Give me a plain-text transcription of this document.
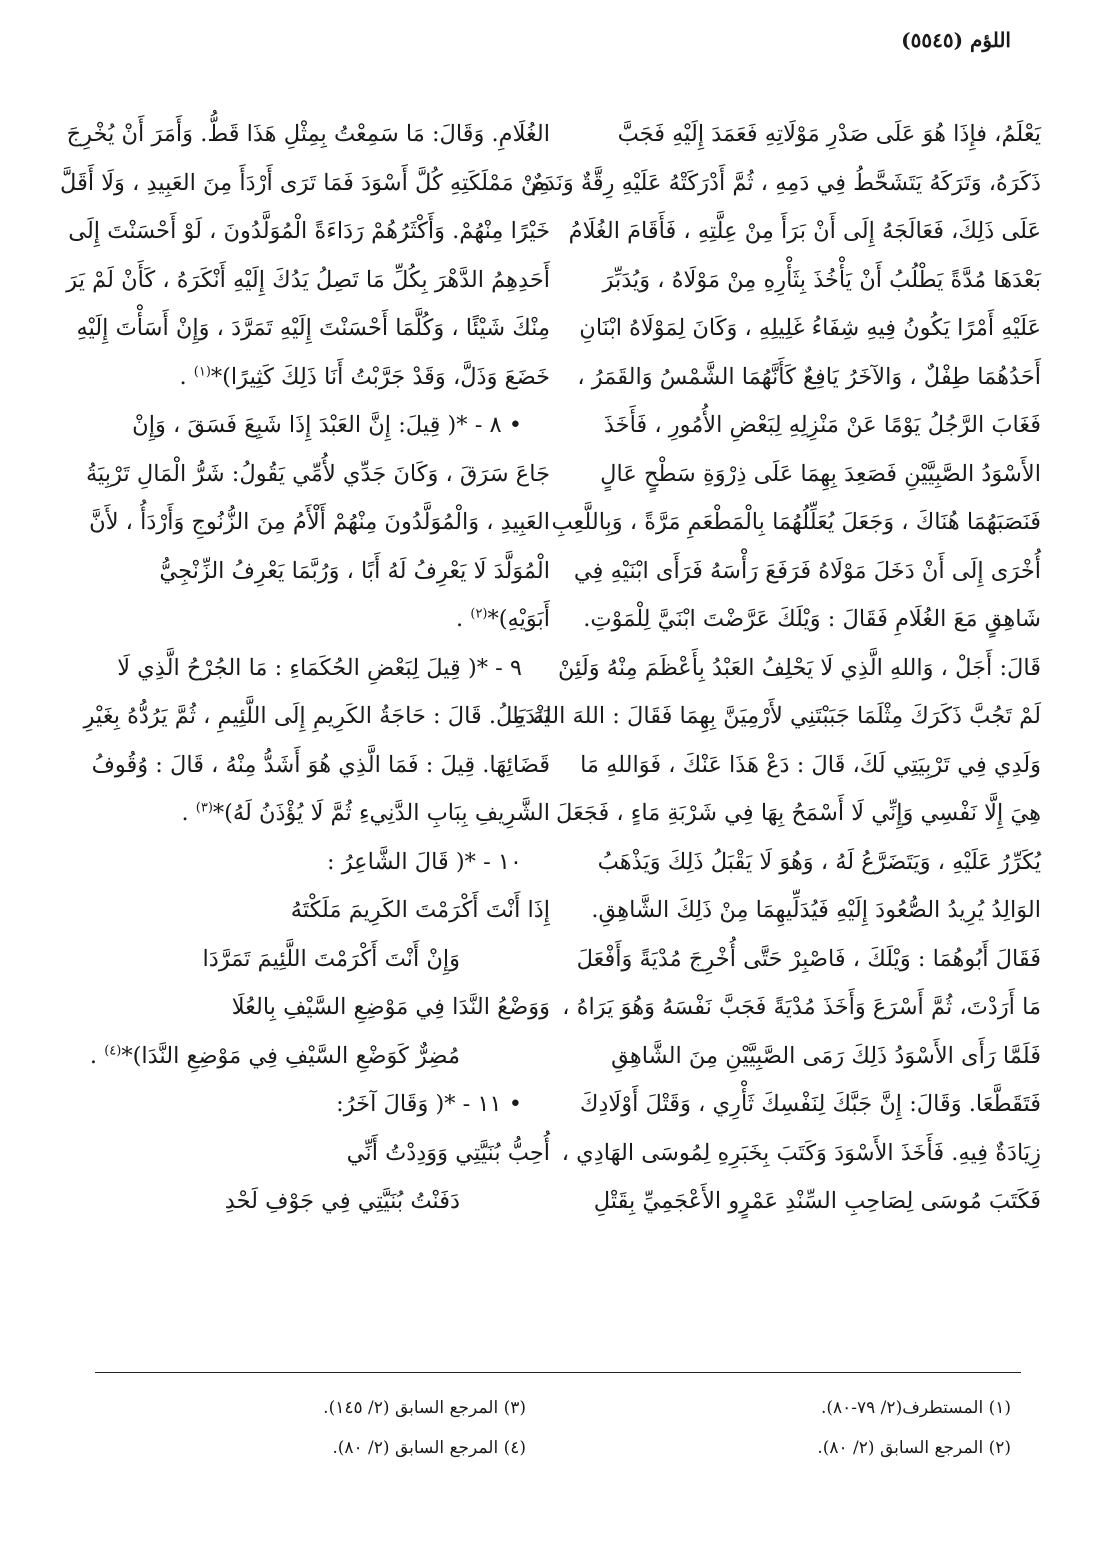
اللؤم (٥٥٤٥)
يَعْلَمُ، فإِذَا هُوَ عَلَى صَدْرِ مَوْلَاتِهِ فَعَمَدَ إِلَيْهِ فَجَبَّ
ذَكَرَهُ، وَتَرَكَهُ يَتَشَحَّطُ فِي دَمِهِ ، ثُمَّ أَدْرَكَتْهُ عَلَيْهِ رِقَّةٌ وَنَدَمٌ
عَلَى ذَلِكَ، فَعَالَجَهُ إِلَى أَنْ بَرَأَ مِنْ عِلَّتِهِ ، فَأَقَامَ الغُلَامُ
بَعْدَهَا مُدَّةً يَطْلُبُ أَنْ يَأْخُذَ بِثَأْرِهِ مِنْ مَوْلَاهُ ، وَيُدَبِّرَ
عَلَيْهِ أَمْرًا يَكُونُ فِيهِ شِفَاءُ غَلِيلِهِ ، وَكَانَ لِمَوْلَاهُ ابْنَانِ
أَحَدُهُمَا طِفْلٌ ، وَالآخَرُ يَافِعٌ كَأَنَّهُمَا الشَّمْسُ وَالقَمَرُ ،
فَغَابَ الرَّجُلُ يَوْمًا عَنْ مَنْزِلِهِ لِبَعْضِ الأُمُورِ ، فَأَخَذَ
الأَسْوَدُ الصَّبِيَّيْنِ فَصَعِدَ بِهِمَا عَلَى ذِرْوَةِ سَطْحٍ عَالٍ
فَنَصَبَهُمَا هُنَاكَ ، وَجَعَلَ يُعَلِّلُهُمَا بِالْمَطْعَمِ مَرَّةً ، وَبِاللَّعِبِ
أُخْرَى إِلَى أَنْ دَخَلَ مَوْلَاهُ فَرَفَعَ رَأْسَهُ فَرَأَى ابْنَيْهِ فِي
شَاهِقٍ مَعَ الغُلَامِ فَقَالَ : وَيْلَكَ عَرَّضْتَ ابْنَيَّ لِلْمَوْتِ.
قَالَ: أَجَلْ ، وَاللهِ الَّذِي لَا يَحْلِفُ العَبْدُ بِأَعْظَمَ مِنْهُ وَلَئِنْ
لَمْ تَجُبَّ ذَكَرَكَ مِثْلَمَا جَبَبْتَنِي لأَرْمِيَنَّ بِهِمَا فَقَالَ : اللهَ اللهَ يَا
وَلَدِي فِي تَرْبِيَتِي لَكَ، قَالَ : دَعْ هَذَا عَنْكَ ، فَوَاللهِ مَا
هِيَ إِلَّا نَفْسِي وَإِنِّي لَا أَسْمَحُ بِهَا فِي شَرْبَةِ مَاءٍ ، فَجَعَلَ
يُكَرِّرُ عَلَيْهِ ، وَيَتَضَرَّعُ لَهُ ، وَهُوَ لَا يَقْبَلُ ذَلِكَ وَيَذْهَبُ
الوَالِدُ يُرِيدُ الصُّعُودَ إِلَيْهِ فَيُدَلِّيهِمَا مِنْ ذَلِكَ الشَّاهِقِ.
فَقَالَ أَبُوهُمَا : وَيْلَكَ ، فَاصْبِرْ حَتَّى أُخْرِجَ مُدْيَةً وَأَفْعَلَ
مَا أَرَدْتَ، ثُمَّ أَسْرَعَ وَأَخَذَ مُدْيَةً فَجَبَّ نَفْسَهُ وَهُوَ يَرَاهُ ،
فَلَمَّا رَأَى الأَسْوَدُ ذَلِكَ رَمَى الصَّبِيَّيْنِ مِنَ الشَّاهِقِ
فَتَقَطَّعَا. وَقَالَ: إِنَّ جَبَّكَ لِنَفْسِكَ ثَأْرِي ، وَقَتْلَ أَوْلَادِكَ
زِيَادَةٌ فِيهِ. فَأَخَذَ الأَسْوَدَ وَكَتَبَ بِخَبَرِهِ لِمُوسَى الهَادِي ،
فَكَتَبَ مُوسَى لِصَاحِبِ السِّنْدِ عَمْرٍو الأَعْجَمِيِّ بِقَتْلِ
الغُلَامِ. وَقَالَ: مَا سَمِعْتُ بِمِثْلِ هَذَا قَطُّ. وَأَمَرَ أَنْ يُخْرِجَ
مِنْ مَمْلَكَتِهِ كُلَّ أَسْوَدَ فَمَا تَرَى أَرْدَأَ مِنَ العَبِيدِ ، وَلَا أَقَلَّ
خَيْرًا مِنْهُمْ. وَأَكْثَرُهُمْ رَدَاءَةً الْمُوَلَّدُونَ ، لَوْ أَحْسَنْتَ إِلَى
أَحَدِهِمُ الدَّهْرَ بِكُلِّ مَا تَصِلُ يَدُكَ إِلَيْهِ أَنْكَرَهُ ، كَأَنْ لَمْ يَرَ
مِنْكَ شَيْئًا ، وَكُلَّمَا أَحْسَنْتَ إِلَيْهِ تَمَرَّدَ ، وَإِنْ أَسَأْتَ إِلَيْهِ
خَضَعَ وَذَلَّ، وَقَدْ جَرَّبْتُ أَنَا ذَلِكَ كَثِيرًا)*$^{(١)}$ .
• ٨ - *( قِيلَ: إِنَّ العَبْدَ إِذَا شَبِعَ فَسَقَ ، وَإِنْ
جَاعَ سَرَقَ ، وَكَانَ جَدِّي لأُمِّي يَقُولُ: شَرُّ الْمَالِ تَرْبِيَةُ
العَبِيدِ ، وَالْمُوَلَّدُونَ مِنْهُمْ أَلْأَمُ مِنَ الزُّنُوجِ وَأَرْدَأُ ، لأَنَّ
الْمُوَلَّدَ لَا يَعْرِفُ لَهُ أَبًا ، وَرُبَّمَا يَعْرِفُ الزِّنْجِيُّ
أَبَوَيْهِ)*$^{(٢)}$ .
٩ - *( قِيلَ لِبَعْضِ الحُكَمَاءِ : مَا الجُرْحُ الَّذِي لَا
يَنْدَمِلُ. قَالَ : حَاجَةُ الكَرِيمِ إِلَى اللَّئِيمِ ، ثُمَّ يَرُدُّهُ بِغَيْرِ
قَضَائِهَا. قِيلَ : فَمَا الَّذِي هُوَ أَشَدُّ مِنْهُ ، قَالَ : وُقُوفُ
الشَّرِيفِ بِبَابِ الدَّنِيءِ ثُمَّ لَا يُؤْذَنُ لَهُ)*$^{(٣)}$ .
١٠ - *( قَالَ الشَّاعِرُ :
إِذَا أَنْتَ أَكْرَمْتَ الكَرِيمَ مَلَكْتَهُ
وَإِنْ أَنْتَ أَكْرَمْتَ اللَّئِيمَ تَمَرَّدَا
وَوَضْعُ النَّدَا فِي مَوْضِعِ السَّيْفِ بِالعُلَا
مُضِرٌّ كَوَضْعِ السَّيْفِ فِي مَوْضِعِ النَّدَا)*$^{(٤)}$ .
• ١١ - *( وَقَالَ آخَرُ:
أُحِبُّ بُنَيَّتِي وَوَدِدْتُ أَنِّي
دَفَنْتُ بُنَيَّتِي فِي جَوْفِ لَحْدِ
(١) المستطرف(٢/ ٧٩-٨٠).
(٢) المرجع السابق (٢/ ٨٠).
(٣) المرجع السابق (٢/ ١٤٥).
(٤) المرجع السابق (٢/ ٨٠).
